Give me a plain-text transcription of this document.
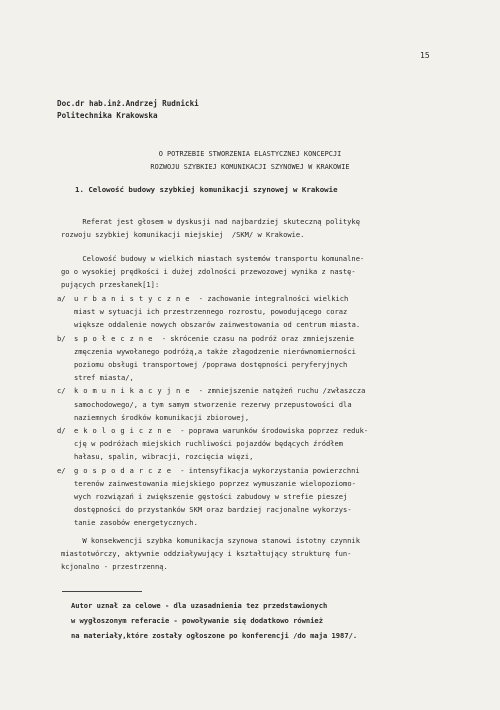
15
Doc.dr hab.inż.Andrzej Rudnicki
Politechnika Krakowska
O POTRZEBIE STWORZENIA ELASTYCZNEJ KONCEPCJI
ROZWOJU SZYBKIEJ KOMUNIKACJI SZYNOWEJ W KRAKOWIE
1. Celowość budowy szybkiej komunikacji szynowej w Krakowie
Referat jest głosem w dyskusji nad najbardziej skuteczną politykę
rozwoju szybkiej komunikacji miejskiej  /SKM/ w Krakowie.
Celowość budowy w wielkich miastach systemów transportu komunalne-
go o wysokiej prędkości i dużej zdolności przewozowej wynika z nastę-
pujących przesłanek[1]:
a/	urbanistyczne - zachowanie integralności wielkich
miast w sytuacji ich przestrzennego rozrostu, powodującego coraz
większe oddalenie nowych obszarów zainwestowania od centrum miasta.
b/	społeczne - skrócenie czasu na podróż oraz zmniejszenie
zmęczenia wywołanego podróżą,a także złagodzenie nierównomierności
poziomu obsługi transportowej /poprawa dostępności peryferyjnych
stref miasta/,
c/	komunikacyjne - zmniejszenie natężeń ruchu /zwłaszcza
samochodowego/, a tym samym stworzenie rezerwy przepustowości dla
naziemnych środków komunikacji zbiorowej,
d/	ekologiczne - poprawa warunków środowiska poprzez reduk-
cję w podróżach miejskich ruchliwości pojazdów będących źródłem
hałasu, spalin, wibracji, rozcięcia więzi,
e/	gospodarcze - intensyfikacja wykorzystania powierzchni
terenów zainwestowania miejskiego poprzez wymuszanie wielopoziomo-
wych rozwiązań i zwiększenie gęstości zabudowy w strefie pieszej
dostępności do przystanków SKM oraz bardziej racjonalne wykorzys-
tanie zasobów energetycznych.
W konsekwencji szybka komunikacja szynowa stanowi istotny czynnik
miastotwórczy, aktywnie oddziaływujący i kształtujący strukturę fun-
kcjonalno - przestrzenną.
Autor uznał za celowe - dla uzasadnienia tez przedstawionych
w wygłoszonym referacie - powoływanie się dodatkowo również
na materiały,które zostały ogłoszone po konferencji /do maja 1987/.
